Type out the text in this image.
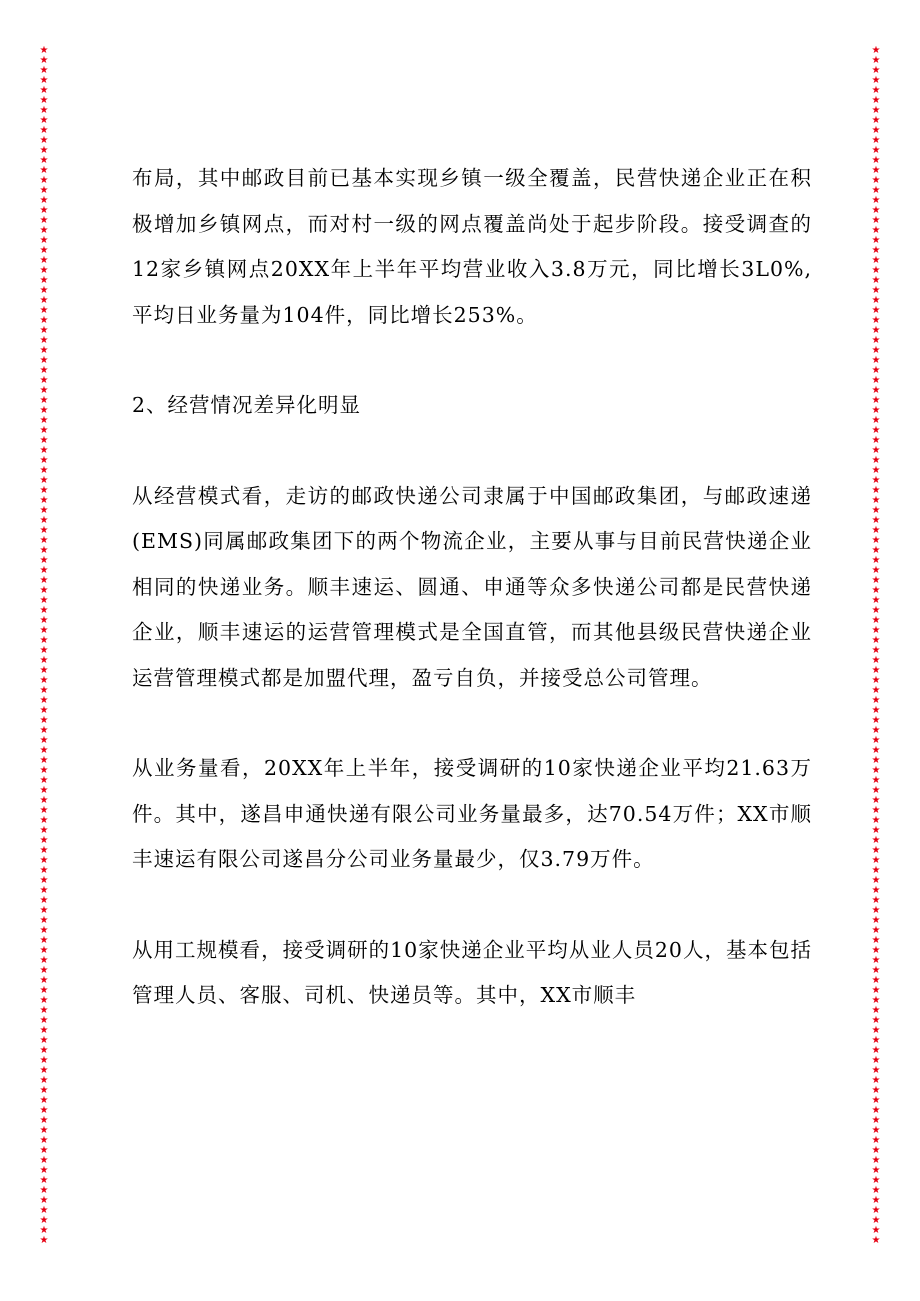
★
★
★
★
★
★
★
★
★
★
★
★
★
★
★
★
★
★
★
★
★
★
★
★
★
★
★
★
★
★
★
★
★
★
★
★
★
★
★
★
★
★
★
★
★
★
★
★
★
★
★
★
★
★
★
★
★
★
★
★
★
★
★
★
★
★
★
★
★
★
★
★
★
★
★
★
★
★
★
★
★
★
★
★
★
★
★
★
★
★
★
★
★
★
★
★
★
★
★
★
★
★
★
★
★
★
★
★
★
★
★
★
★
★
★
★
★
★
★
★
★
★
★
★
★
★
★
★
★
★
★
★
★
★
★
★
★
★
★
★
★
★
★
★
★
★
★
★
★
★
★
★
★
★
★
★
★
★
★
★
★
★
★
★
★
★
★
★
★
★
★
★
★
★
★
★
★
★
★
★
★
★
★
★
★
★
★
★
★
★
★
★
★
★
★
★
★
★
★
★
★
★
★
★
★
★
★
★
★
★
★
★
★
★
★
★
★
★
★
★
★
★
★
★
★
★
★
★
★
★
★
★
★
★
★
★
★
★
★
★

布局，其中邮政目前已基本实现乡镇一级全覆盖，民营快递企业正在积极增加乡镇网点，而对村一级的网点覆盖尚处于起步阶段。接受调查的12家乡镇网点20XX年上半年平均营业收入3.8万元，同比增长3L0%,平均日业务量为104件，同比增长253%。

2、经营情况差异化明显

从经营模式看，走访的邮政快递公司隶属于中国邮政集团，与邮政速递(EMS)同属邮政集团下的两个物流企业，主要从事与目前民营快递企业相同的快递业务。顺丰速运、圆通、申通等众多快递公司都是民营快递企业，顺丰速运的运营管理模式是全国直管，而其他县级民营快递企业运营管理模式都是加盟代理，盈亏自负，并接受总公司管理。

从业务量看，20XX年上半年，接受调研的10家快递企业平均21.63万件。其中，遂昌申通快递有限公司业务量最多，达70.54万件；XX市顺丰速运有限公司遂昌分公司业务量最少，仅3.79万件。

从用工规模看，接受调研的10家快递企业平均从业人员20人，基本包括管理人员、客服、司机、快递员等。其中，XX市顺丰
